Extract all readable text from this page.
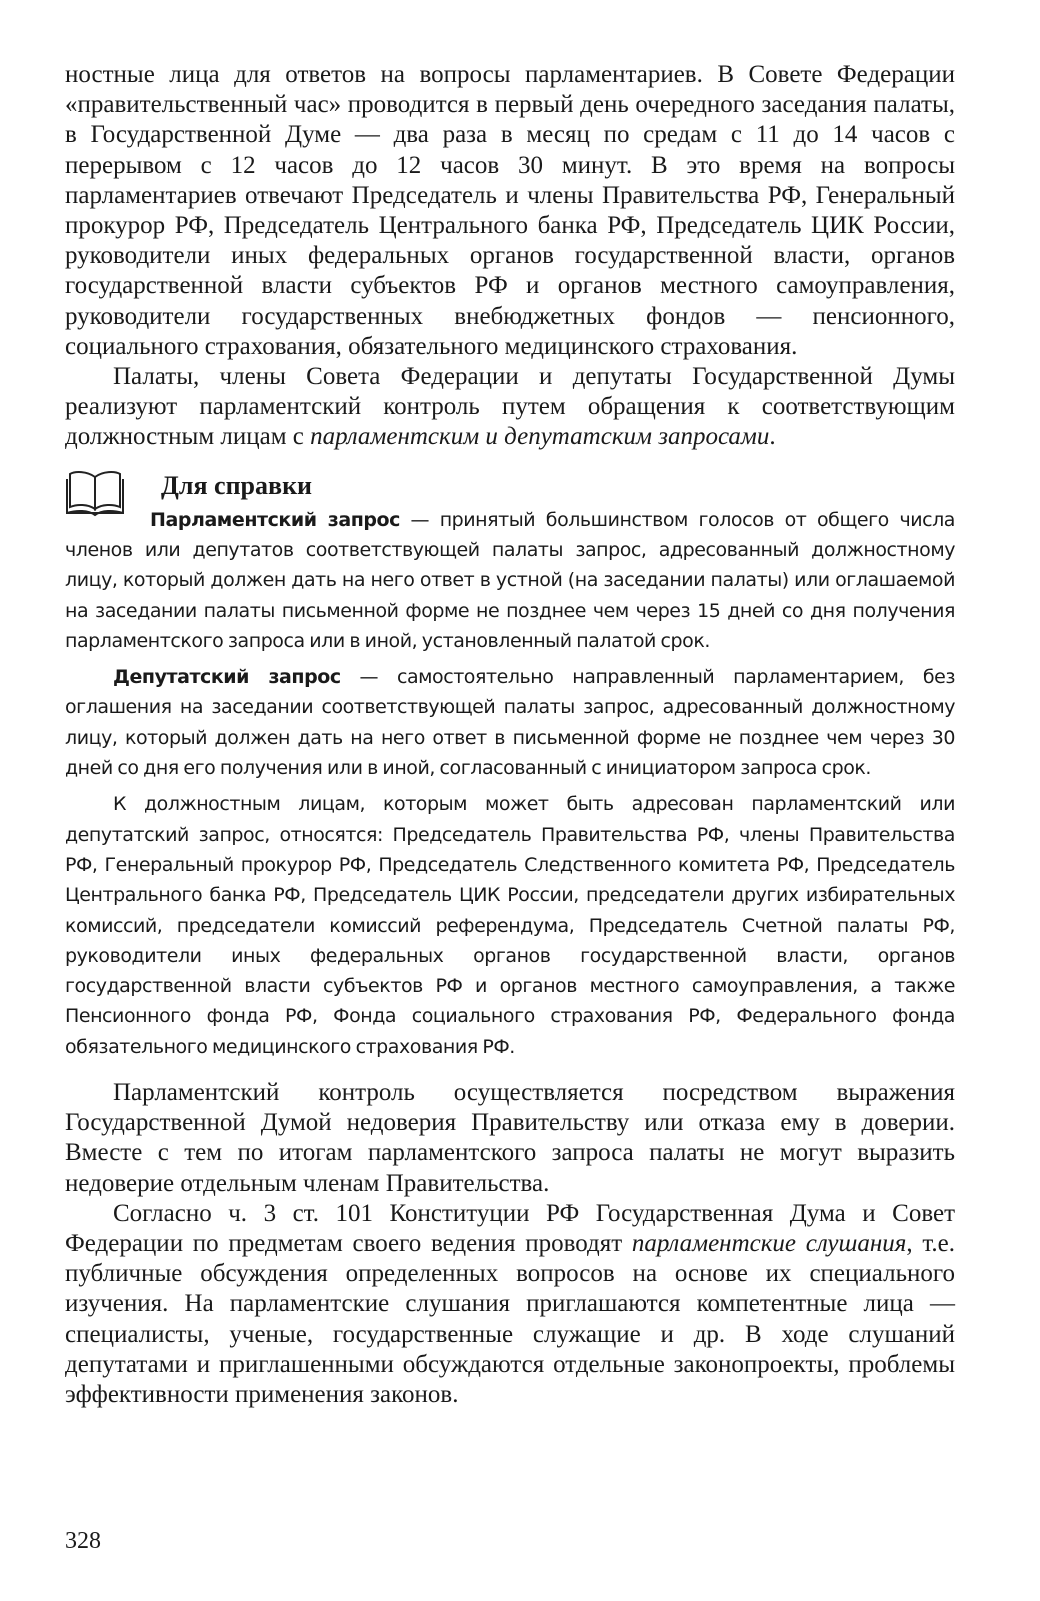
ностные лица для ответов на вопросы парламентариев. В Совете Федерации «правительственный час» проводится в первый день очередного заседания палаты, в Государственной Думе — два раза в месяц по средам с 11 до 14 часов с перерывом с 12 часов до 12 часов 30 минут. В это время на вопросы парламентариев отвечают Председатель и члены Правительства РФ, Генеральный прокурор РФ, Председатель Центрального банка РФ, Председатель ЦИК России, руководители иных федеральных органов государственной власти, органов государственной власти субъектов РФ и органов местного самоуправления, руководители государственных внебюджетных фондов — пенсионного, социального страхования, обязательного медицинского страхования.

Палаты, члены Совета Федерации и депутаты Государственной Думы реализуют парламентский контроль путем обращения к соответствующим должностным лицам с парламентским и депутатским запросами.

Для справки

Парламентский запрос — принятый большинством голосов от общего числа членов или депутатов соответствующей палаты запрос, адресованный должностному лицу, который должен дать на него ответ в устной (на заседании палаты) или оглашаемой на заседании палаты письменной форме не позднее чем через 15 дней со дня получения парламентского запроса или в иной, установленный палатой срок.

Депутатский запрос — самостоятельно направленный парламентарием, без оглашения на заседании соответствующей палаты запрос, адресованный должностному лицу, который должен дать на него ответ в письменной форме не позднее чем через 30 дней со дня его получения или в иной, согласованный с инициатором запроса срок.

К должностным лицам, которым может быть адресован парламентский или депутатский запрос, относятся: Председатель Правительства РФ, члены Правительства РФ, Генеральный прокурор РФ, Председатель Следственного комитета РФ, Председатель Центрального банка РФ, Председатель ЦИК России, председатели других избирательных комиссий, председатели комиссий референдума, Председатель Счетной палаты РФ, руководители иных федеральных органов государственной власти, органов государственной власти субъектов РФ и органов местного самоуправления, а также Пенсионного фонда РФ, Фонда социального страхования РФ, Федерального фонда обязательного медицинского страхования РФ.

Парламентский контроль осуществляется посредством выражения Государственной Думой недоверия Правительству или отказа ему в доверии. Вместе с тем по итогам парламентского запроса палаты не могут выразить недоверие отдельным членам Правительства.

Согласно ч. 3 ст. 101 Конституции РФ Государственная Дума и Совет Федерации по предметам своего ведения проводят парламентские слушания, т.е. публичные обсуждения определенных вопросов на основе их специального изучения. На парламентские слушания приглашаются компетентные лица — специалисты, ученые, государственные служащие и др. В ходе слушаний депутатами и приглашенными обсуждаются отдельные законопроекты, проблемы эффективности применения законов.

328
